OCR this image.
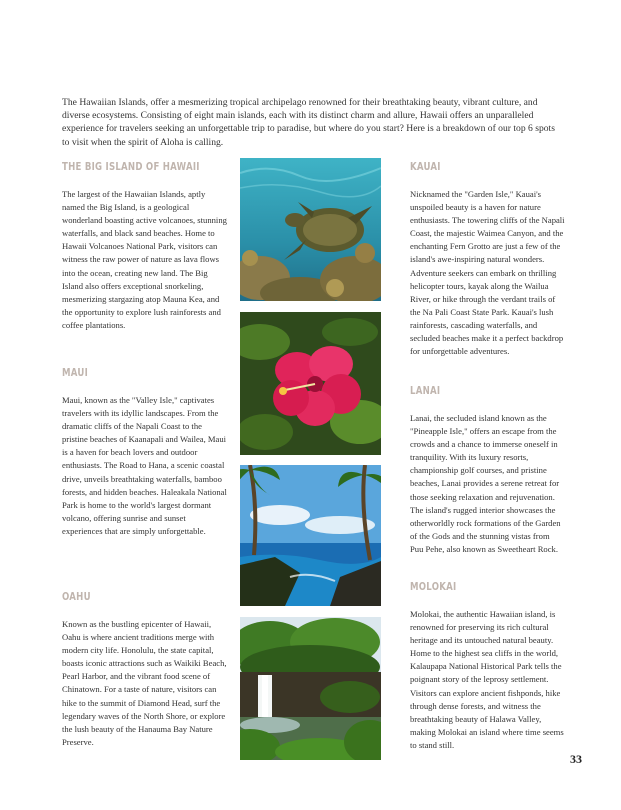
The Hawaiian Islands, offer a mesmerizing tropical archipelago renowned for their breathtaking beauty, vibrant culture, and diverse ecosystems. Consisting of eight main islands, each with its distinct charm and allure, Hawaii offers an unparalleled experience for travelers seeking an unforgettable trip to paradise, but where do you start? Here is a breakdown of our top 6 spots to visit when the spirit of Aloha is calling.

THE BIG ISLAND OF HAWAII

The largest of the Hawaiian Islands, aptly named the Big Island, is a geological wonderland boasting active volcanoes, stunning waterfalls, and black sand beaches. Home to Hawaii Volcanoes National Park, visitors can witness the raw power of nature as lava flows into the ocean, creating new land. The Big Island also offers exceptional snorkeling, mesmerizing stargazing atop Mauna Kea, and the opportunity to explore lush rainforests and coffee plantations.

MAUI

Maui, known as the "Valley Isle," captivates travelers with its idyllic landscapes. From the dramatic cliffs of the Napali Coast to the pristine beaches of Kaanapali and Wailea, Maui is a haven for beach lovers and outdoor enthusiasts. The Road to Hana, a scenic coastal drive, unveils breathtaking waterfalls, bamboo forests, and hidden beaches. Haleakala National Park is home to the world's largest dormant volcano, offering sunrise and sunset experiences that are simply unforgettable.

OAHU

Known as the bustling epicenter of Hawaii, Oahu is where ancient traditions merge with modern city life. Honolulu, the state capital, boasts iconic attractions such as Waikiki Beach, Pearl Harbor, and the vibrant food scene of Chinatown. For a taste of nature, visitors can hike to the summit of Diamond Head, surf the legendary waves of the North Shore, or explore the lush beauty of the Hanauma Bay Nature Preserve.

KAUAI

Nicknamed the "Garden Isle," Kauai's unspoiled beauty is a haven for nature enthusiasts. The towering cliffs of the Napali Coast, the majestic Waimea Canyon, and the enchanting Fern Grotto are just a few of the island's awe-inspiring natural wonders. Adventure seekers can embark on thrilling helicopter tours, kayak along the Wailua River, or hike through the verdant trails of the Na Pali Coast State Park. Kauai's lush rainforests, cascading waterfalls, and secluded beaches make it a perfect backdrop for unforgettable adventures.

LANAI

Lanai, the secluded island known as the "Pineapple Isle," offers an escape from the crowds and a chance to immerse oneself in tranquility. With its luxury resorts, championship golf courses, and pristine beaches, Lanai provides a serene retreat for those seeking relaxation and rejuvenation. The island's rugged interior showcases the otherworldly rock formations of the Garden of the Gods and the stunning vistas from Puu Pehe, also known as Sweetheart Rock.

MOLOKAI

Molokai, the authentic Hawaiian island, is renowned for preserving its rich cultural heritage and its untouched natural beauty. Home to the highest sea cliffs in the world, Kalaupapa National Historical Park tells the poignant story of the leprosy settlement. Visitors can explore ancient fishponds, hike through dense forests, and witness the breathtaking beauty of Halawa Valley, making Molokai an island where time seems to stand still.

33
